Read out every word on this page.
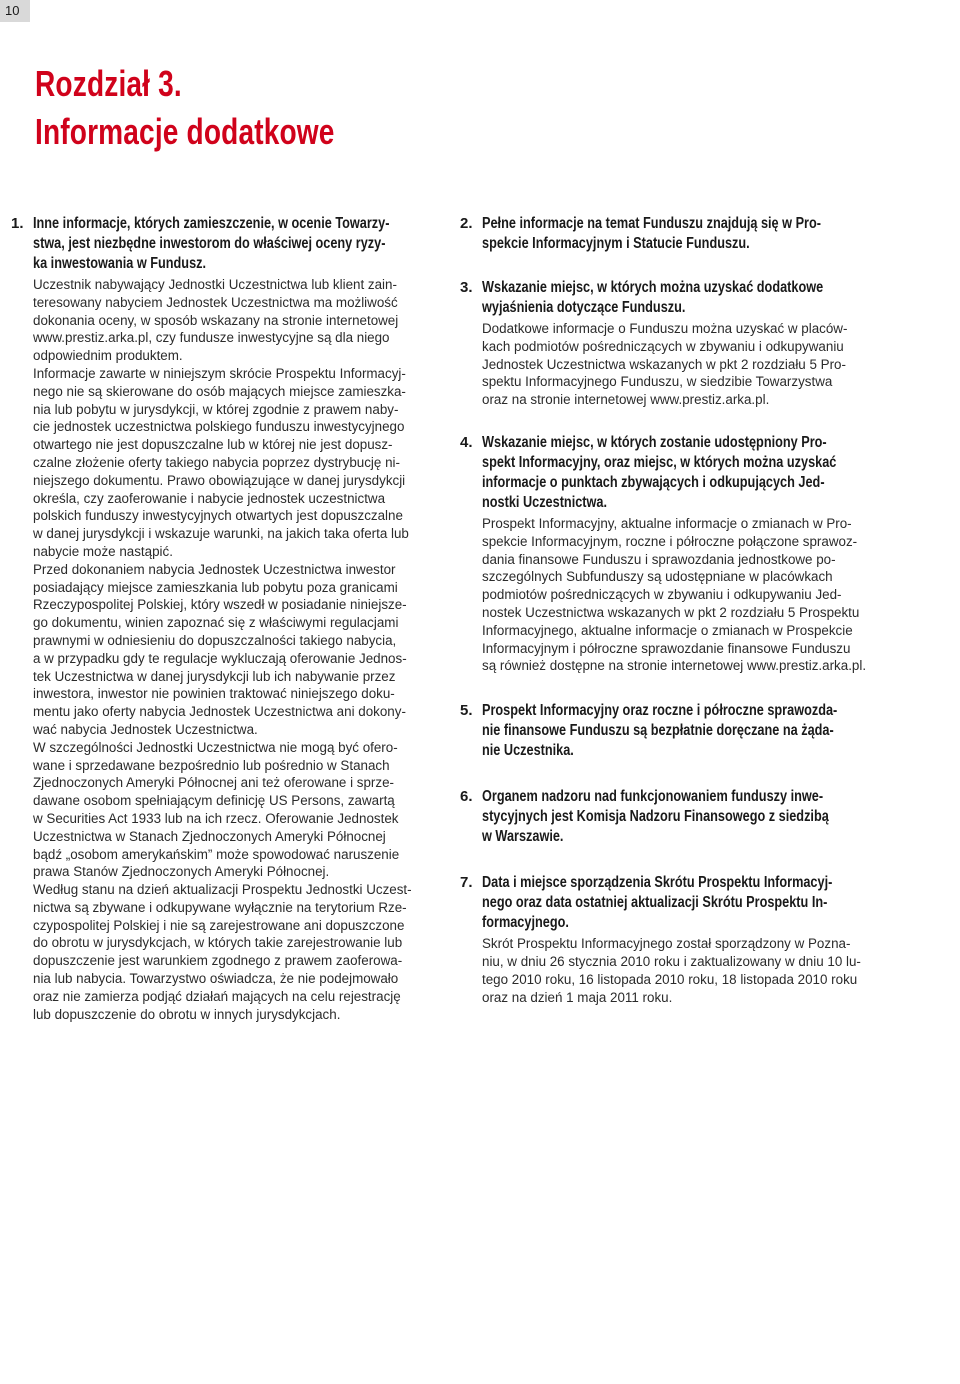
10
Rozdział 3.
Informacje dodatkowe
1. Inne informacje, których zamieszczenie, w ocenie Towarzy-
stwa, jest niezbędne inwestorom do właściwej oceny ryzy-
ka inwestowania w Fundusz.
Uczestnik nabywający Jednostki Uczestnictwa lub klient zain-
teresowany nabyciem Jednostek Uczestnictwa ma możliwość
dokonania oceny, w sposób wskazany na stronie internetowej
www.prestiz.arka.pl, czy fundusze inwestycyjne są dla niego
odpowiednim produktem.
Informacje zawarte w niniejszym skrócie Prospektu Informacyj-
nego nie są skierowane do osób mających miejsce zamieszka-
nia lub pobytu w jurysdykcji, w której zgodnie z prawem naby-
cie jednostek uczestnictwa polskiego funduszu inwestycyjnego
otwartego nie jest dopuszczalne lub w której nie jest dopusz-
czalne złożenie oferty takiego nabycia poprzez dystrybucję ni-
niejszego dokumentu. Prawo obowiązujące w danej jurysdykcji
określa, czy zaoferowanie i nabycie jednostek uczestnictwa
polskich funduszy inwestycyjnych otwartych jest dopuszczalne
w danej jurysdykcji i wskazuje warunki, na jakich taka oferta lub
nabycie może nastąpić.
Przed dokonaniem nabycia Jednostek Uczestnictwa inwestor
posiadający miejsce zamieszkania lub pobytu poza granicami
Rzeczypospolitej Polskiej, który wszedł w posiadanie niniejsze-
go dokumentu, winien zapoznać się z właściwymi regulacjami
prawnymi w odniesieniu do dopuszczalności takiego nabycia,
a w przypadku gdy te regulacje wykluczają oferowanie Jednos-
tek Uczestnictwa w danej jurysdykcji lub ich nabywanie przez
inwestora, inwestor nie powinien traktować niniejszego doku-
mentu jako oferty nabycia Jednostek Uczestnictwa ani dokony-
wać nabycia Jednostek Uczestnictwa.
W szczególności Jednostki Uczestnictwa nie mogą być ofero-
wane i sprzedawane bezpośrednio lub pośrednio w Stanach
Zjednoczonych Ameryki Północnej ani też oferowane i sprze-
dawane osobom spełniającym definicję US Persons, zawartą
w Securities Act 1933 lub na ich rzecz. Oferowanie Jednostek
Uczestnictwa w Stanach Zjednoczonych Ameryki Północnej
bądź „osobom amerykańskim” może spowodować naruszenie
prawa Stanów Zjednoczonych Ameryki Północnej.
Według stanu na dzień aktualizacji Prospektu Jednostki Uczest-
nictwa są zbywane i odkupywane wyłącznie na terytorium Rze-
czypospolitej Polskiej i nie są zarejestrowane ani dopuszczone
do obrotu w jurysdykcjach, w których takie zarejestrowanie lub
dopuszczenie jest warunkiem zgodnego z prawem zaoferowa-
nia lub nabycia. Towarzystwo oświadcza, że nie podejmowało
oraz nie zamierza podjąć działań mających na celu rejestrację
lub dopuszczenie do obrotu w innych jurysdykcjach.
2. Pełne informacje na temat Funduszu znajdują się w Pro-
spekcie Informacyjnym i Statucie Funduszu.
3. Wskazanie miejsc, w których można uzyskać dodatkowe
wyjaśnienia dotyczące Funduszu.
Dodatkowe informacje o Funduszu można uzyskać w placów-
kach podmiotów pośredniczących w zbywaniu i odkupywaniu
Jednostek Uczestnictwa wskazanych w pkt 2 rozdziału 5 Pro-
spektu Informacyjnego Funduszu, w siedzibie Towarzystwa
oraz na stronie internetowej www.prestiz.arka.pl.
4. Wskazanie miejsc, w których zostanie udostępniony Pro-
spekt Informacyjny, oraz miejsc, w których można uzyskać
informacje o punktach zbywających i odkupujących Jed-
nostki Uczestnictwa.
Prospekt Informacyjny, aktualne informacje o zmianach w Pro-
spekcie Informacyjnym, roczne i półroczne połączone sprawoz-
dania finansowe Funduszu i sprawozdania jednostkowe po-
szczególnych Subfunduszy są udostępniane w placówkach
podmiotów pośredniczących w zbywaniu i odkupywaniu Jed-
nostek Uczestnictwa wskazanych w pkt 2 rozdziału 5 Prospektu
Informacyjnego, aktualne informacje o zmianach w Prospekcie
Informacyjnym i półroczne sprawozdanie finansowe Funduszu
są również dostępne na stronie internetowej www.prestiz.arka.pl.
5. Prospekt Informacyjny oraz roczne i półroczne sprawozda-
nie finansowe Funduszu są bezpłatnie doręczane na żąda-
nie Uczestnika.
6. Organem nadzoru nad funkcjonowaniem funduszy inwe-
stycyjnych jest Komisja Nadzoru Finansowego z siedzibą
w Warszawie.
7. Data i miejsce sporządzenia Skrótu Prospektu Informacyj-
nego oraz data ostatniej aktualizacji Skrótu Prospektu In-
formacyjnego.
Skrót Prospektu Informacyjnego został sporządzony w Pozna-
niu, w dniu 26 stycznia 2010 roku i zaktualizowany w dniu 10 lu-
tego 2010 roku, 16 listopada 2010 roku, 18 listopada 2010 roku
oraz na dzień 1 maja 2011 roku.
